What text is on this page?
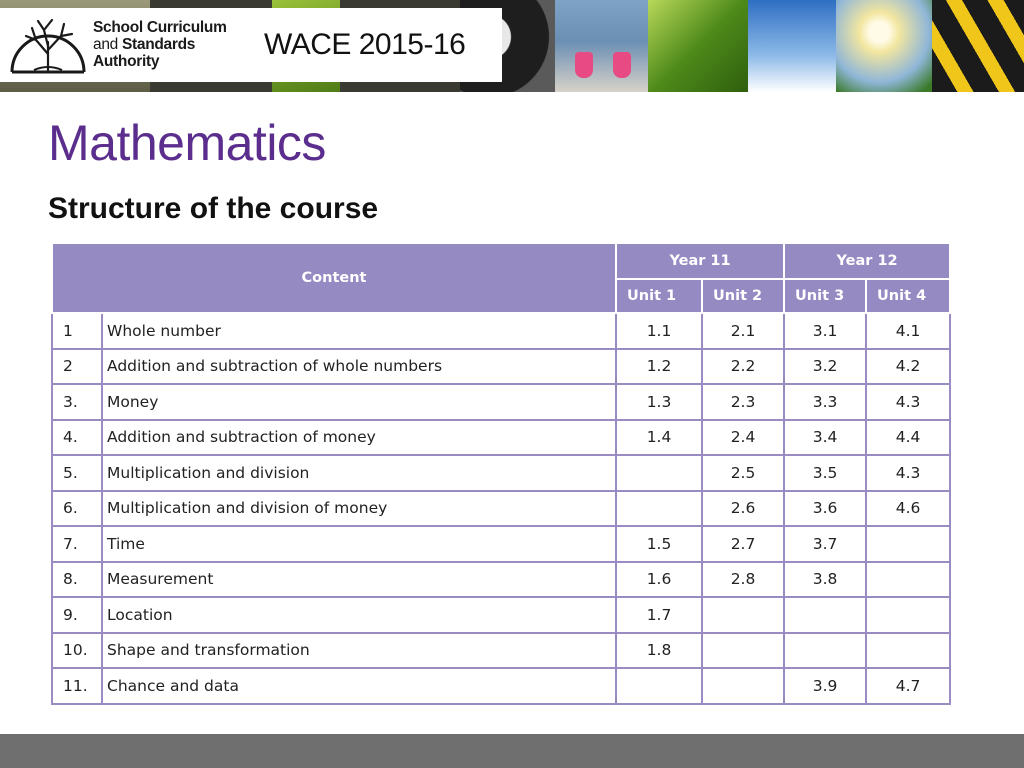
School Curriculum
and Standards
Authority
WACE 2015-16
Mathematics
Structure of the course
Content		Year 11		Year 12	
		Unit 1	Unit 2	Unit 3	Unit 4
1	Whole number	1.1	2.1	3.1	4.1
2	Addition and subtraction of whole numbers	1.2	2.2	3.2	4.2
3.	Money	1.3	2.3	3.3	4.3
4.	Addition and subtraction of money	1.4	2.4	3.4	4.4
5.	Multiplication and division		2.5	3.5	4.3
6.	Multiplication and division of money		2.6	3.6	4.6
7.	Time	1.5	2.7	3.7	
8.	Measurement	1.6	2.8	3.8	
9.	Location	1.7			
10.	Shape and transformation	1.8			
11.	Chance and data			3.9	4.7
